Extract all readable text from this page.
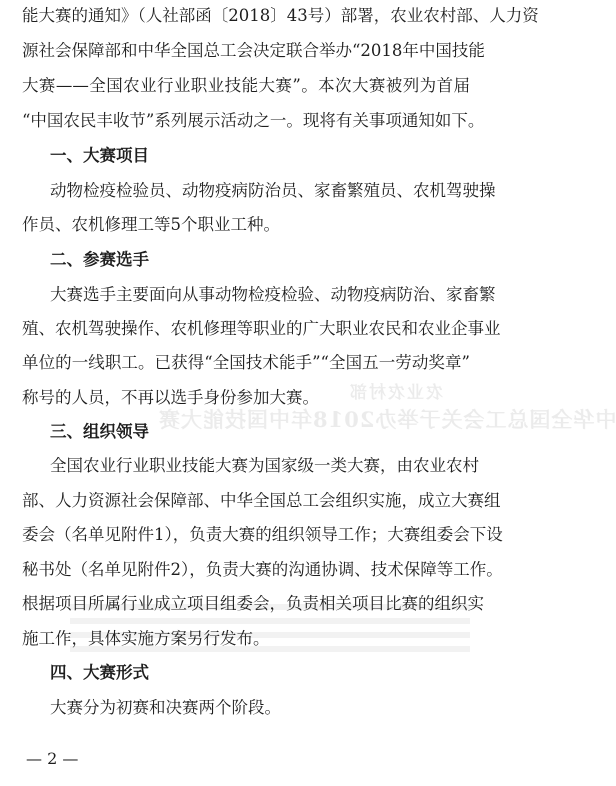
农业农村部
中华全国总工会关于举办2018年中国技能大赛
能大赛的通知》（人社部函〔2018〕43号）部署，农业农村部、人力资
源社会保障部和中华全国总工会决定联合举办“2018年中国技能
大赛——全国农业行业职业技能大赛”。本次大赛被列为首届
“中国农民丰收节”系列展示活动之一。现将有关事项通知如下。
一、大赛项目
动物检疫检验员、动物疫病防治员、家畜繁殖员、农机驾驶操
作员、农机修理工等5个职业工种。
二、参赛选手
大赛选手主要面向从事动物检疫检验、动物疫病防治、家畜繁
殖、农机驾驶操作、农机修理等职业的广大职业农民和农业企事业
单位的一线职工。已获得“全国技术能手”“全国五一劳动奖章”
称号的人员，不再以选手身份参加大赛。
三、组织领导
全国农业行业职业技能大赛为国家级一类大赛，由农业农村
部、人力资源社会保障部、中华全国总工会组织实施，成立大赛组
委会（名单见附件1），负责大赛的组织领导工作；大赛组委会下设
秘书处（名单见附件2），负责大赛的沟通协调、技术保障等工作。
根据项目所属行业成立项目组委会，负责相关项目比赛的组织实
施工作，具体实施方案另行发布。
四、大赛形式
大赛分为初赛和决赛两个阶段。
— 2 —
